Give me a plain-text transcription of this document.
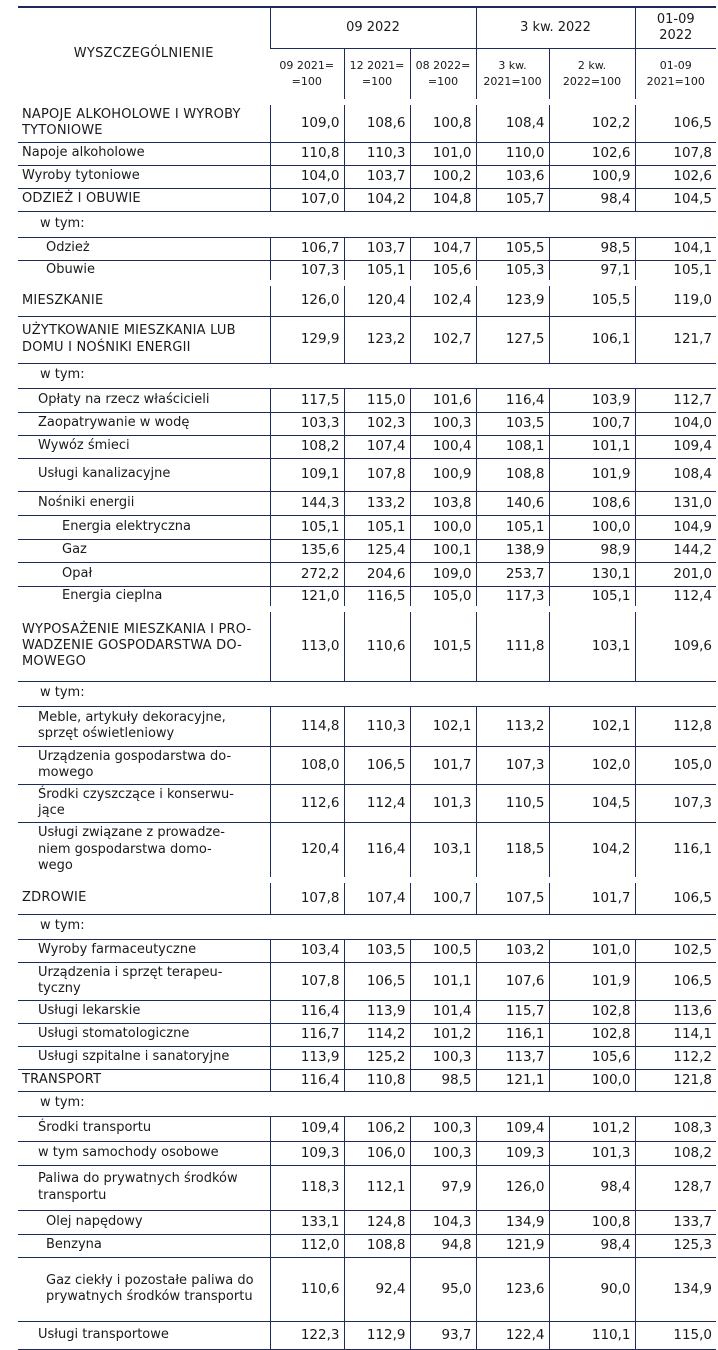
WYSZCZEGÓLNIENIE	09 2022			3 kw. 2022		01-09 2022
	09 2021= =100	12 2021= =100	08 2022= =100	3 kw. 2021=100	2 kw. 2022=100	01-09 2021=100
NAPOJE ALKOHOLOWE I WYROBY TYTONIOWE	109,0	108,6	100,8	108,4	102,2	106,5
Napoje alkoholowe	110,8	110,3	101,0	110,0	102,6	107,8
Wyroby tytoniowe	104,0	103,7	100,2	103,6	100,9	102,6
ODZIEŻ I OBUWIE	107,0	104,2	104,8	105,7	98,4	104,5
w tym:						
Odzież	106,7	103,7	104,7	105,5	98,5	104,1
Obuwie	107,3	105,1	105,6	105,3	97,1	105,1
MIESZKANIE	126,0	120,4	102,4	123,9	105,5	119,0
UŻYTKOWANIE MIESZKANIA LUB DOMU I NOŚNIKI ENERGII	129,9	123,2	102,7	127,5	106,1	121,7
w tym:						
Opłaty na rzecz właścicieli	117,5	115,0	101,6	116,4	103,9	112,7
Zaopatrywanie w wodę	103,3	102,3	100,3	103,5	100,7	104,0
Wywóz śmieci	108,2	107,4	100,4	108,1	101,1	109,4
Usługi kanalizacyjne	109,1	107,8	100,9	108,8	101,9	108,4
Nośniki energii	144,3	133,2	103,8	140,6	108,6	131,0
Energia elektryczna	105,1	105,1	100,0	105,1	100,0	104,9
Gaz	135,6	125,4	100,1	138,9	98,9	144,2
Opał	272,2	204,6	109,0	253,7	130,1	201,0
Energia cieplna	121,0	116,5	105,0	117,3	105,1	112,4
WYPOSAŻENIE MIESZKANIA I PRO-
WADZENIE GOSPODARSTWA DO-
MOWEGO	113,0	110,6	101,5	111,8	103,1	109,6
w tym:						
Meble, artykuły dekoracyjne, sprzęt oświetleniowy	114,8	110,3	102,1	113,2	102,1	112,8
Urządzenia gospodarstwa do-
mowego	108,0	106,5	101,7	107,3	102,0	105,0
Środki czyszczące i konserwu-
jące	112,6	112,4	101,3	110,5	104,5	107,3
Usługi związane z prowadze-
niem gospodarstwa domo-
wego	120,4	116,4	103,1	118,5	104,2	116,1
ZDROWIE	107,8	107,4	100,7	107,5	101,7	106,5
w tym:						
Wyroby farmaceutyczne	103,4	103,5	100,5	103,2	101,0	102,5
Urządzenia i sprzęt terapeu-
tyczny	107,8	106,5	101,1	107,6	101,9	106,5
Usługi lekarskie	116,4	113,9	101,4	115,7	102,8	113,6
Usługi stomatologiczne	116,7	114,2	101,2	116,1	102,8	114,1
Usługi szpitalne i sanatoryjne	113,9	125,2	100,3	113,7	105,6	112,2
TRANSPORT	116,4	110,8	98,5	121,1	100,0	121,8
w tym:						
Środki transportu	109,4	106,2	100,3	109,4	101,2	108,3
w tym samochody osobowe	109,3	106,0	100,3	109,3	101,3	108,2
Paliwa do prywatnych środków transportu	118,3	112,1	97,9	126,0	98,4	128,7
Olej napędowy	133,1	124,8	104,3	134,9	100,8	133,7
Benzyna	112,0	108,8	94,8	121,9	98,4	125,3
Gaz ciekły i pozostałe paliwa do prywatnych środków transportu	110,6	92,4	95,0	123,6	90,0	134,9
Usługi transportowe	122,3	112,9	93,7	122,4	110,1	115,0
